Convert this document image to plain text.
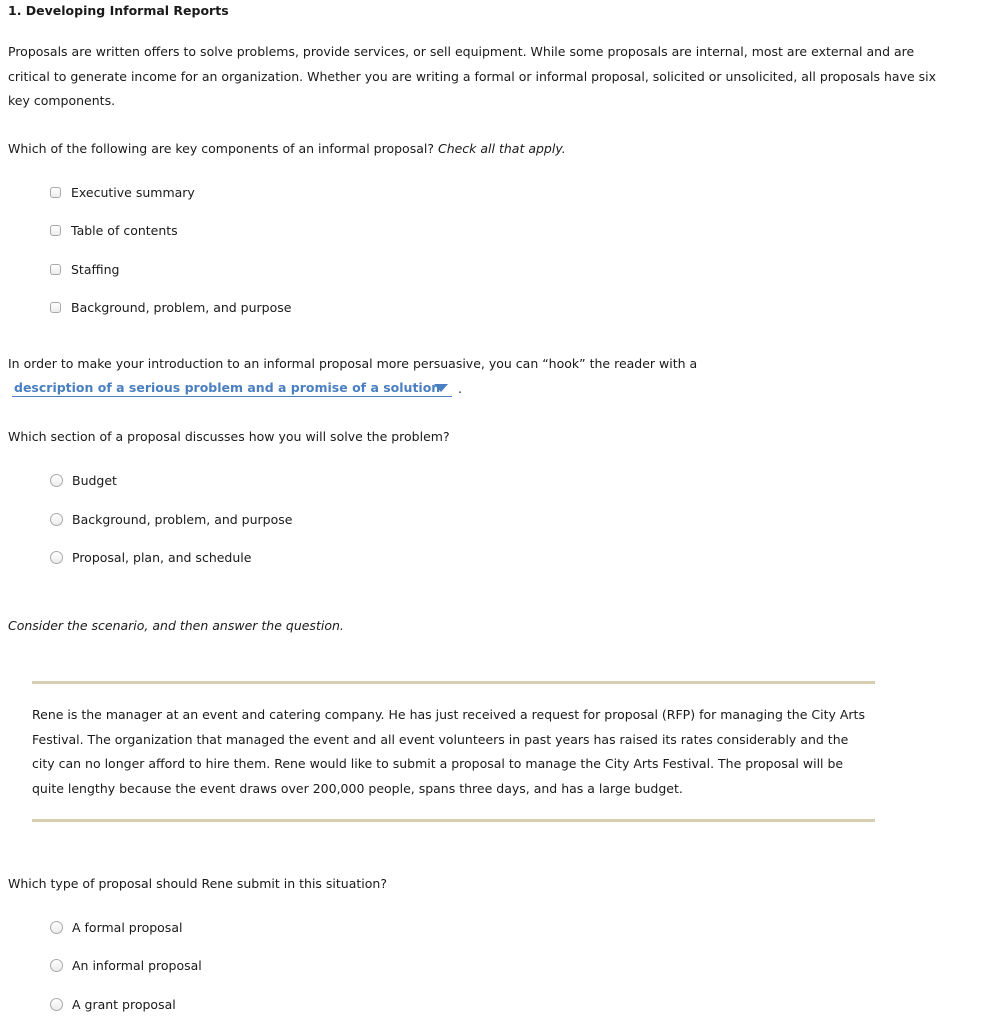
1. Developing Informal Reports
Proposals are written offers to solve problems, provide services, or sell equipment. While some proposals are internal, most are external and are critical to generate income for an organization. Whether you are writing a formal or informal proposal, solicited or unsolicited, all proposals have six key components.
Which of the following are key components of an informal proposal? Check all that apply.
Executive summary
Table of contents
Staffing
Background, problem, and purpose
In order to make your introduction to an informal proposal more persuasive, you can “hook” the reader with a
description of a serious problem and a promise of a solution .
Which section of a proposal discusses how you will solve the problem?
Budget
Background, problem, and purpose
Proposal, plan, and schedule
Consider the scenario, and then answer the question.
Rene is the manager at an event and catering company. He has just received a request for proposal (RFP) for managing the City Arts Festival. The organization that managed the event and all event volunteers in past years has raised its rates considerably and the city can no longer afford to hire them. Rene would like to submit a proposal to manage the City Arts Festival. The proposal will be quite lengthy because the event draws over 200,000 people, spans three days, and has a large budget.
Which type of proposal should Rene submit in this situation?
A formal proposal
An informal proposal
A grant proposal
